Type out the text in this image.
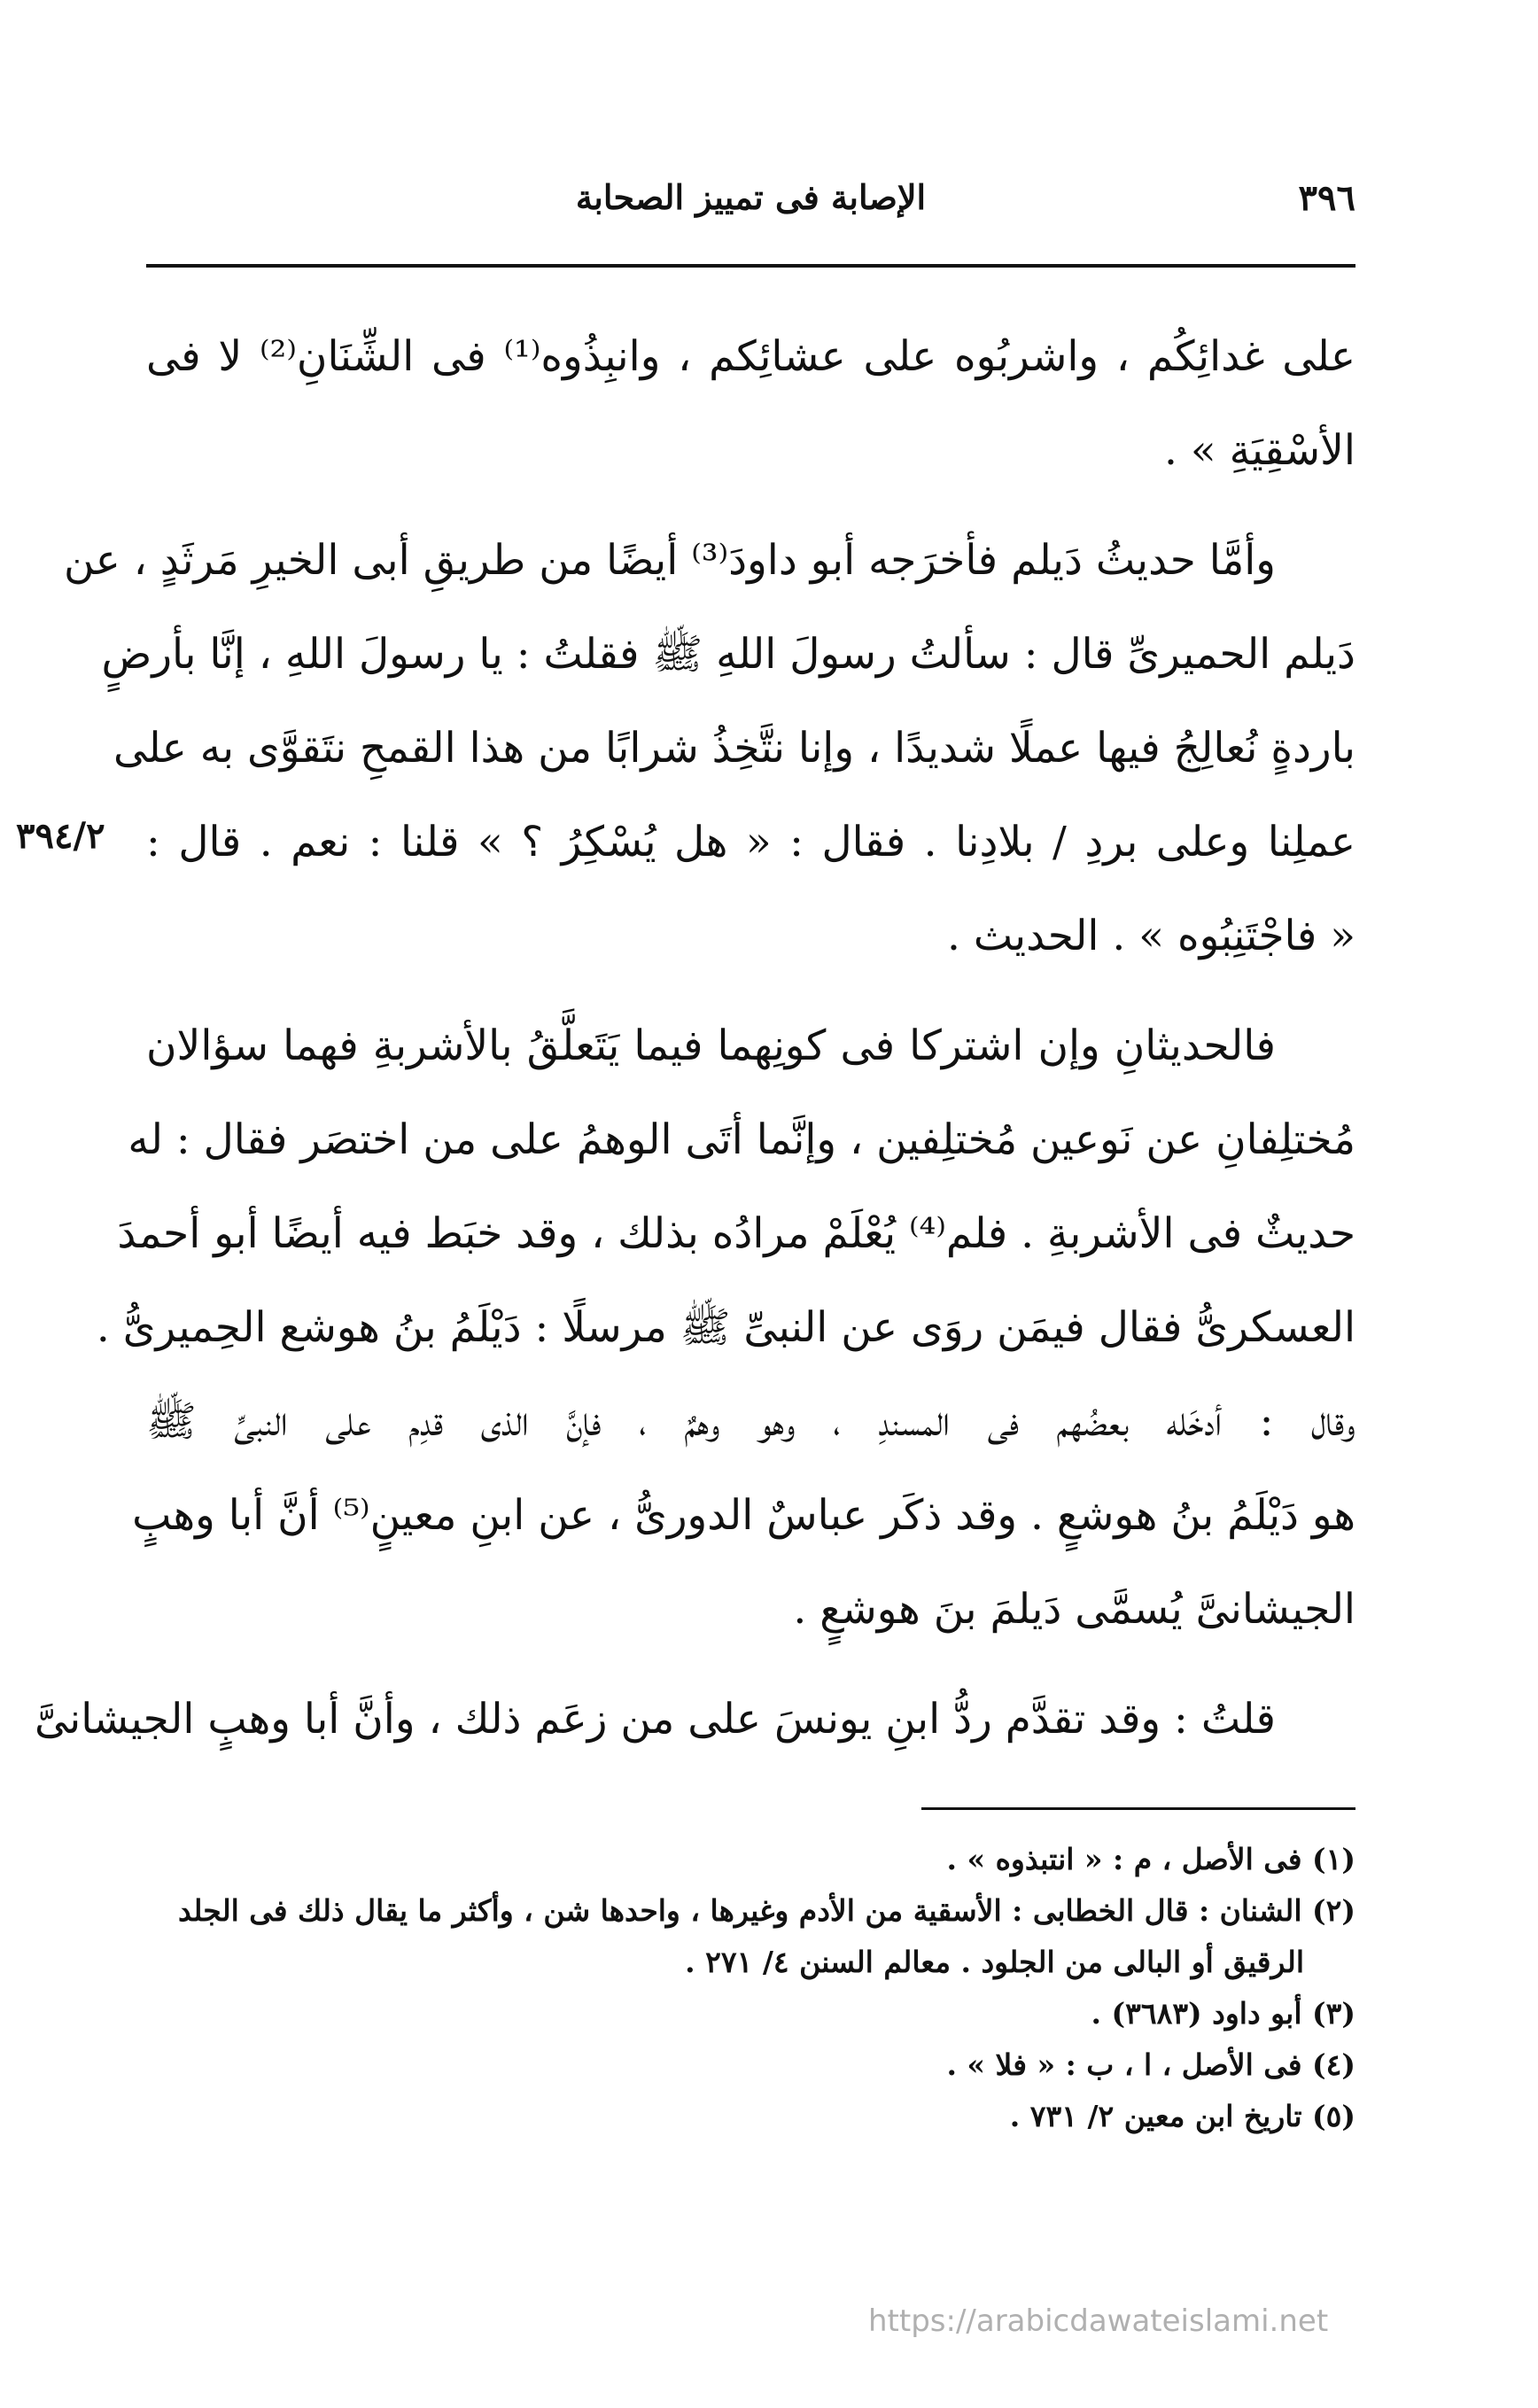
٣٩٦
الإصابة فى تمييز الصحابة
٣٩٤/٢
على غدائِكُم ، واشربُوه على عشائِكم ، وانبِذُوه⁽¹⁾ فى الشِّنَانِ⁽²⁾ لا فى
الأسْقِيَةِ » .
وأمَّا حديثُ دَيلم فأخرَجه أبو داودَ⁽³⁾ أيضًا من طريقِ أبى الخيرِ مَرثَدٍ ، عن
دَيلم الحميرىِّ قال : سألتُ رسولَ اللهِ ﷺ فقلتُ : يا رسولَ اللهِ ، إنَّا بأرضٍ
باردةٍ نُعالِجُ فيها عملًا شديدًا ، وإنا نتَّخِذُ شرابًا من هذا القمحِ نتَقوَّى به على
عملِنا وعلى بردِ / بلادِنا . فقال : « هل يُسْكِرُ ؟ » قلنا : نعم . قال :
« فاجْتَنِبُوه » . الحديث .
فالحديثانِ وإن اشتركا فى كونِهما فيما يَتَعلَّقُ بالأشربةِ فهما سؤالان
مُختلِفانِ عن نَوعين مُختلِفين ، وإنَّما أتَى الوهمُ على من اختصَر فقال : له
حديثٌ فى الأشربةِ . فلم⁽⁴⁾ يُعْلَمْ مرادُه بذلك ، وقد خبَط فيه أيضًا أبو أحمدَ
العسكرىُّ فقال فيمَن روَى عن النبىِّ ﷺ مرسلًا : دَيْلَمُ بنُ هوشع الحِميرىُّ .
وقال : أدخَله بعضُهم فى المسندِ ، وهو وهمٌ ، فإنَّ الذى قدِم على النبىِّ ﷺ
هو دَيْلَمُ بنُ هوشعٍ . وقد ذكَر عباسٌ الدورىُّ ، عن ابنِ معينٍ⁽⁵⁾ أنَّ أبا وهبٍ
الجيشانىَّ يُسمَّى دَيلمَ بنَ هوشعٍ .
قلتُ : وقد تقدَّم ردُّ ابنِ يونسَ على من زعَم ذلك ، وأنَّ أبا وهبٍ الجيشانىَّ
(١) فى الأصل ، م : « انتبذوه » .
(٢) الشنان : قال الخطابى : الأسقية من الأدم وغيرها ، واحدها شن ، وأكثر ما يقال ذلك فى الجلد
الرقيق أو البالى من الجلود . معالم السنن ٤/ ٢٧١ .
(٣) أبو داود (٣٦٨٣) .
(٤) فى الأصل ، ا ، ب : « فلا » .
(٥) تاريخ ابن معين ٢/ ٧٣١ .
https://arabicdawateislami.net
